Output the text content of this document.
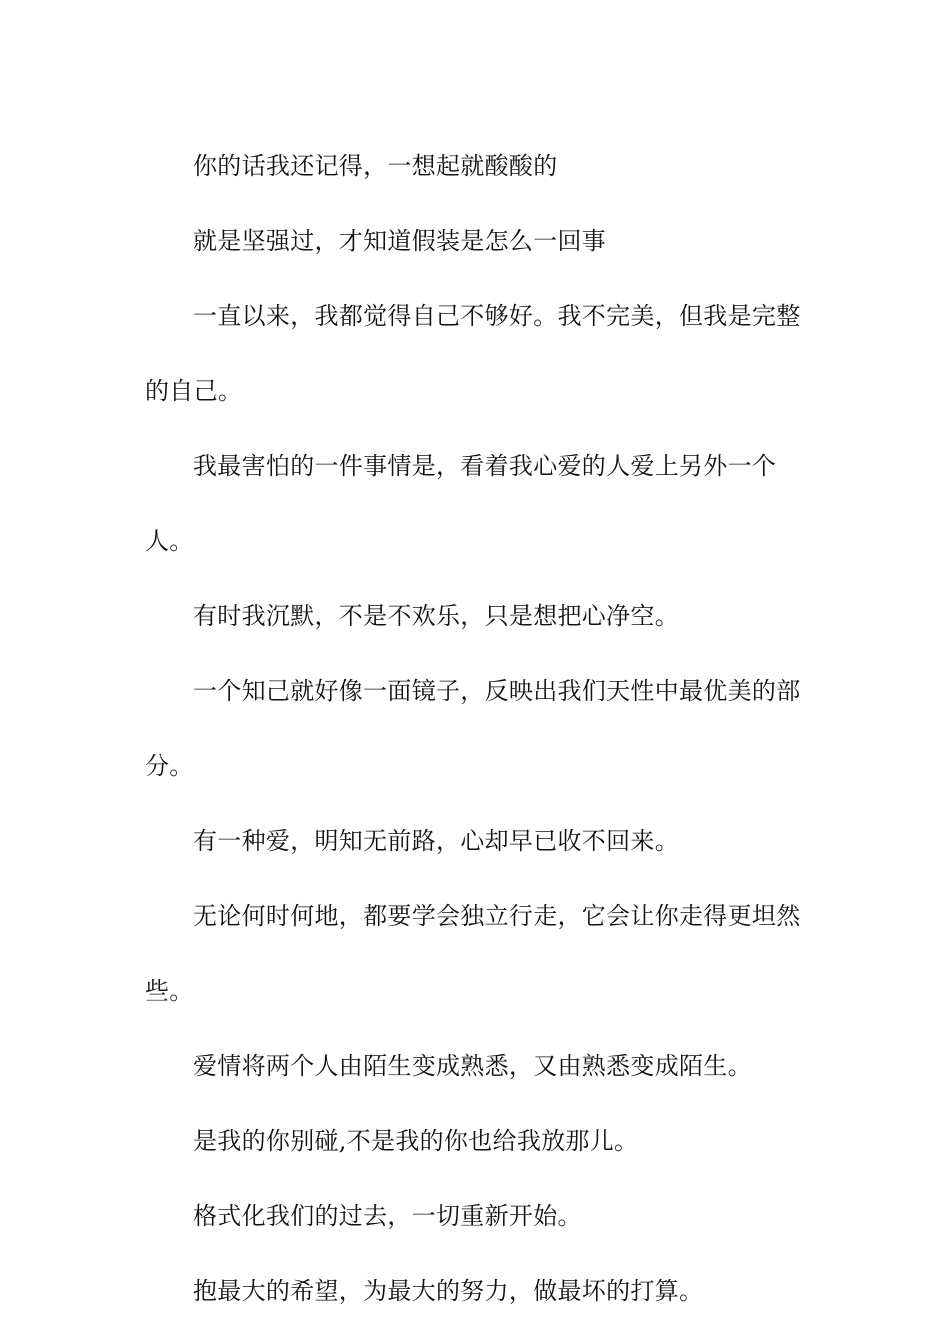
你的话我还记得，一想起就酸酸的

就是坚强过，才知道假装是怎么一回事

一直以来，我都觉得自己不够好。我不完美，但我是完整的自己。

我最害怕的一件事情是，看着我心爱的人爱上另外一个人。

有时我沉默，不是不欢乐，只是想把心净空。

一个知己就好像一面镜子，反映出我们天性中最优美的部分。

有一种爱，明知无前路，心却早已收不回来。

无论何时何地，都要学会独立行走，它会让你走得更坦然些。

爱情将两个人由陌生变成熟悉，又由熟悉变成陌生。

是我的你别碰,不是我的你也给我放那儿。

格式化我们的过去，一切重新开始。

抱最大的希望，为最大的努力，做最坏的打算。
